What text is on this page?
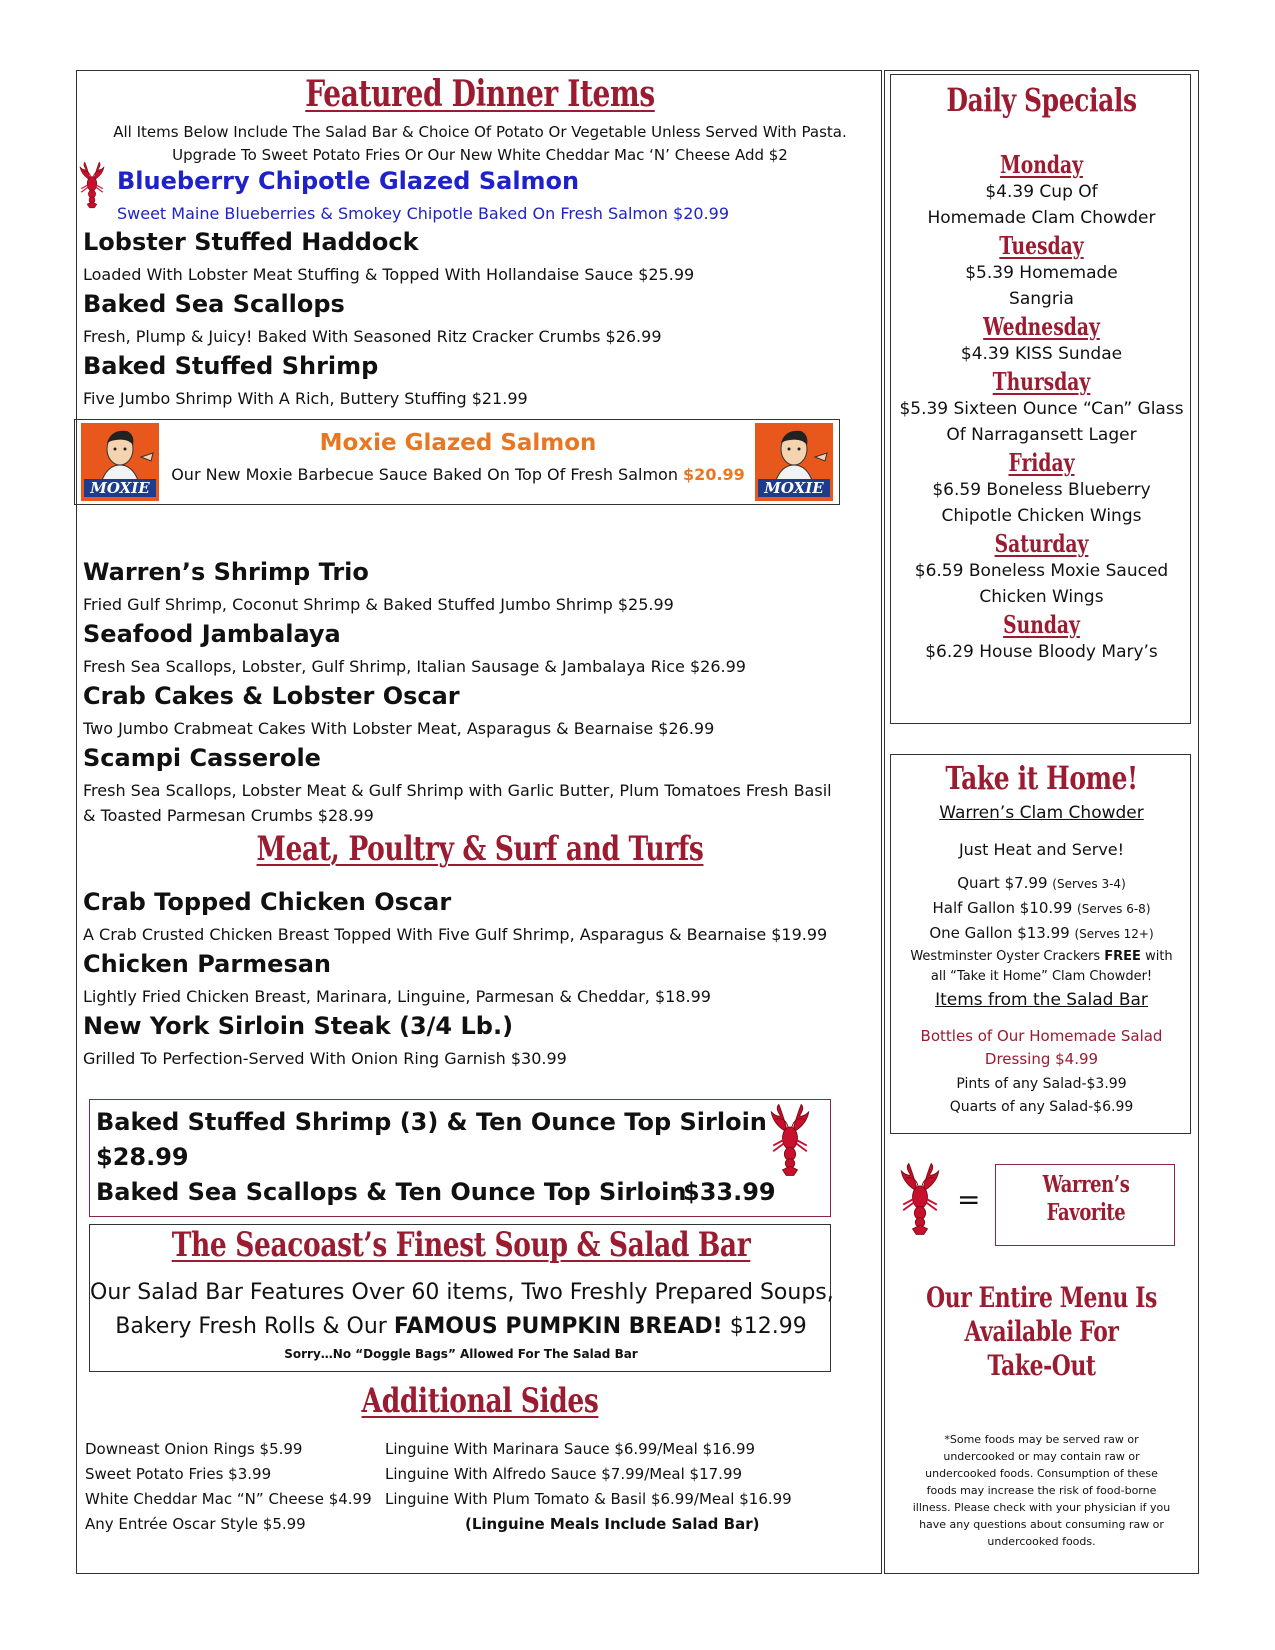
Featured Dinner Items
All Items Below Include The Salad Bar & Choice Of Potato Or Vegetable Unless Served With Pasta.
Upgrade To Sweet Potato Fries Or Our New White Cheddar Mac ‘N’ Cheese Add $2
Blueberry Chipotle Glazed Salmon
Sweet Maine Blueberries & Smokey Chipotle Baked On Fresh Salmon $20.99
Lobster Stuffed Haddock
Loaded With Lobster Meat Stuffing & Topped With Hollandaise Sauce $25.99
Baked Sea Scallops
Fresh, Plump & Juicy! Baked With Seasoned Ritz Cracker Crumbs $26.99
Baked Stuffed Shrimp
Five Jumbo Shrimp With A Rich, Buttery Stuffing $21.99
MOXIE
Moxie Glazed Salmon
Our New Moxie Barbecue Sauce Baked On Top Of Fresh Salmon $20.99
MOXIE
Warren’s Shrimp Trio
Fried Gulf Shrimp, Coconut Shrimp & Baked Stuffed Jumbo Shrimp $25.99
Seafood Jambalaya
Fresh Sea Scallops, Lobster, Gulf Shrimp, Italian Sausage & Jambalaya Rice $26.99
Crab Cakes & Lobster Oscar
Two Jumbo Crabmeat Cakes With Lobster Meat, Asparagus & Bearnaise $26.99
Scampi Casserole
Fresh Sea Scallops, Lobster Meat & Gulf Shrimp with Garlic Butter, Plum Tomatoes Fresh Basil
& Toasted Parmesan Crumbs $28.99
Meat, Poultry & Surf and Turfs
Crab Topped Chicken Oscar
A Crab Crusted Chicken Breast Topped With Five Gulf Shrimp, Asparagus & Bearnaise $19.99
Chicken Parmesan
Lightly Fried Chicken Breast, Marinara, Linguine, Parmesan & Cheddar, $18.99
New York Sirloin Steak (3/4 Lb.)
Grilled To Perfection-Served With Onion Ring Garnish $30.99
Baked Stuffed Shrimp (3) & Ten Ounce Top Sirloin
$28.99
Baked Sea Scallops & Ten Ounce Top Sirloin
$33.99
The Seacoast’s Finest Soup & Salad Bar
Our Salad Bar Features Over 60 items, Two Freshly Prepared Soups,
Bakery Fresh Rolls & Our FAMOUS PUMPKIN BREAD! $12.99
Sorry…No “Doggle Bags” Allowed For The Salad Bar
Additional Sides
Downeast Onion Rings $5.99
Sweet Potato Fries $3.99
White Cheddar Mac “N” Cheese $4.99
Any Entrée Oscar Style $5.99
Linguine With Marinara Sauce $6.99/Meal $16.99
Linguine With Alfredo Sauce $7.99/Meal $17.99
Linguine With Plum Tomato & Basil $6.99/Meal $16.99
(Linguine Meals Include Salad Bar)
Daily Specials
Monday
$4.39 Cup Of
Homemade Clam Chowder
Tuesday
$5.39 Homemade
Sangria
Wednesday
$4.39 KISS Sundae
Thursday
$5.39 Sixteen Ounce “Can” Glass
Of Narragansett Lager
Friday
$6.59 Boneless Blueberry
Chipotle Chicken Wings
Saturday
$6.59 Boneless Moxie Sauced
Chicken Wings
Sunday
$6.29 House Bloody Mary’s
Take it Home!
Warren’s Clam Chowder
Just Heat and Serve!
Quart $7.99 (Serves 3-4)
Half Gallon $10.99 (Serves 6-8)
One Gallon $13.99 (Serves 12+)
Westminster Oyster Crackers FREE with
all “Take it Home” Clam Chowder!
Items from the Salad Bar
Bottles of Our Homemade Salad
Dressing $4.99
Pints of any Salad-$3.99
Quarts of any Salad-$6.99
=	Warren’s
Favorite
Our Entire Menu Is
Available For
Take-Out
*Some foods may be served raw or
undercooked or may contain raw or
undercooked foods. Consumption of these
foods may increase the risk of food-borne
illness. Please check with your physician if you
have any questions about consuming raw or
undercooked foods.
